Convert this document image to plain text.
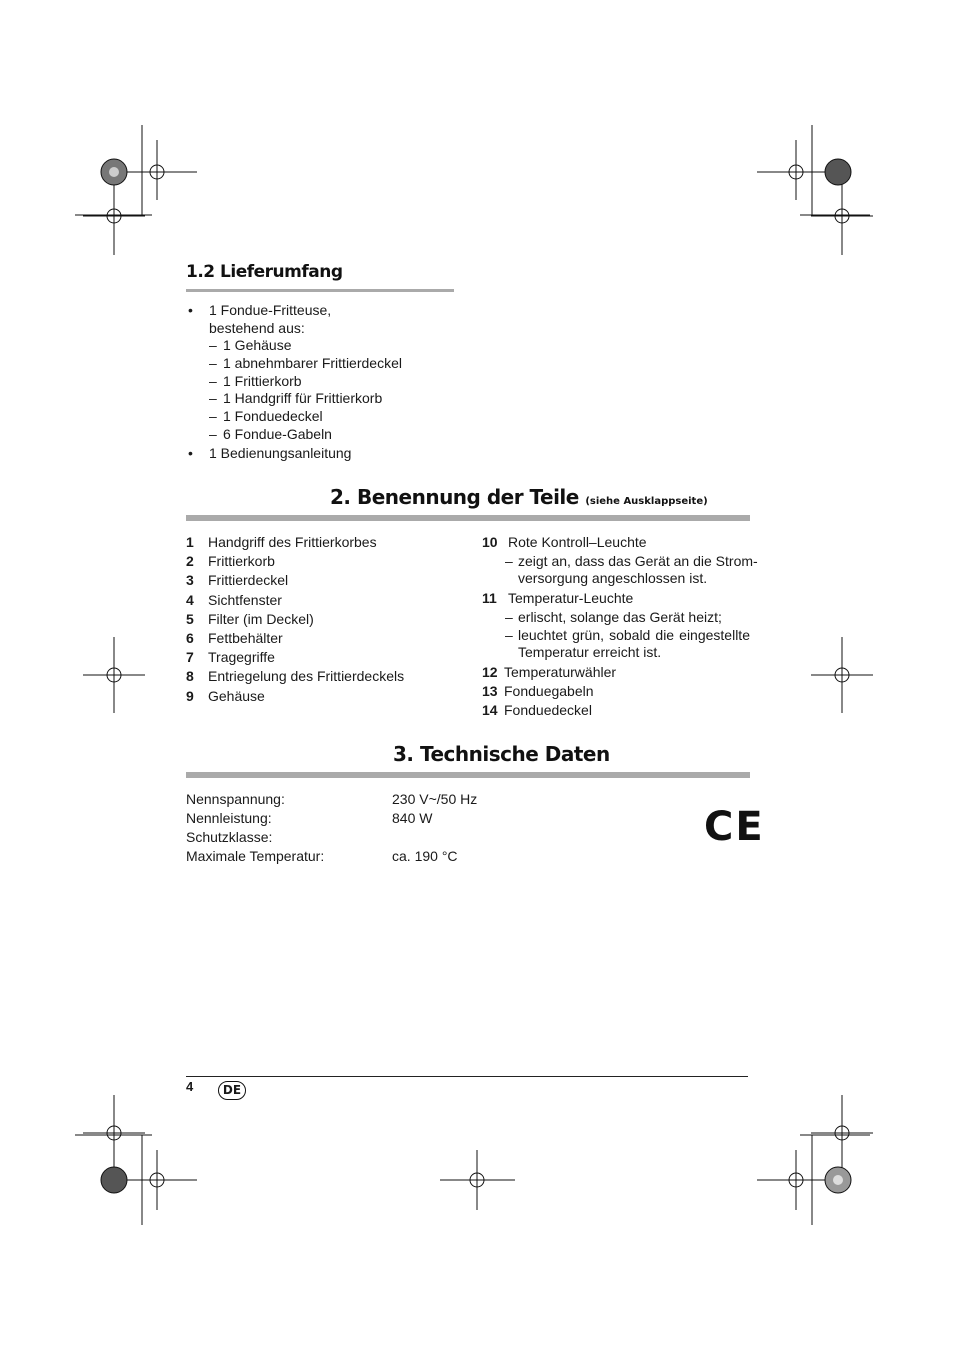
1.2 Lieferumfang
• 1 Fondue-Fritteuse,
bestehend aus:
– 1 Gehäuse
– 1 abnehmbarer Frittierdeckel
– 1 Frittierkorb
– 1 Handgriff für Frittierkorb
– 1 Fonduedeckel
– 6 Fondue-Gabeln
• 1 Bedienungsanleitung
2. Benennung der Teile (siehe Ausklappseite)
1 Handgriff des Frittierkorbes
2 Frittierkorb
3 Frittierdeckel
4 Sichtfenster
5 Filter (im Deckel)
6 Fettbehälter
7 Tragegriffe
8 Entriegelung des Frittierdeckels
9 Gehäuse
10 Rote Kontroll–Leuchte
– zeigt an, dass das Gerät an die Strom-
versorgung angeschlossen ist.
11 Temperatur-Leuchte
– erlischt, solange das Gerät heizt;
– leuchtet grün, sobald die eingestellte
Temperatur erreicht ist.
12 Temperaturwähler
13 Fonduegabeln
14 Fonduedeckel
3. Technische Daten
Nennspannung:	230 V~/50 Hz
Nennleistung:	840 W
Schutzklasse:
Maximale Temperatur:	ca. 190 °C
CE
4	DE
